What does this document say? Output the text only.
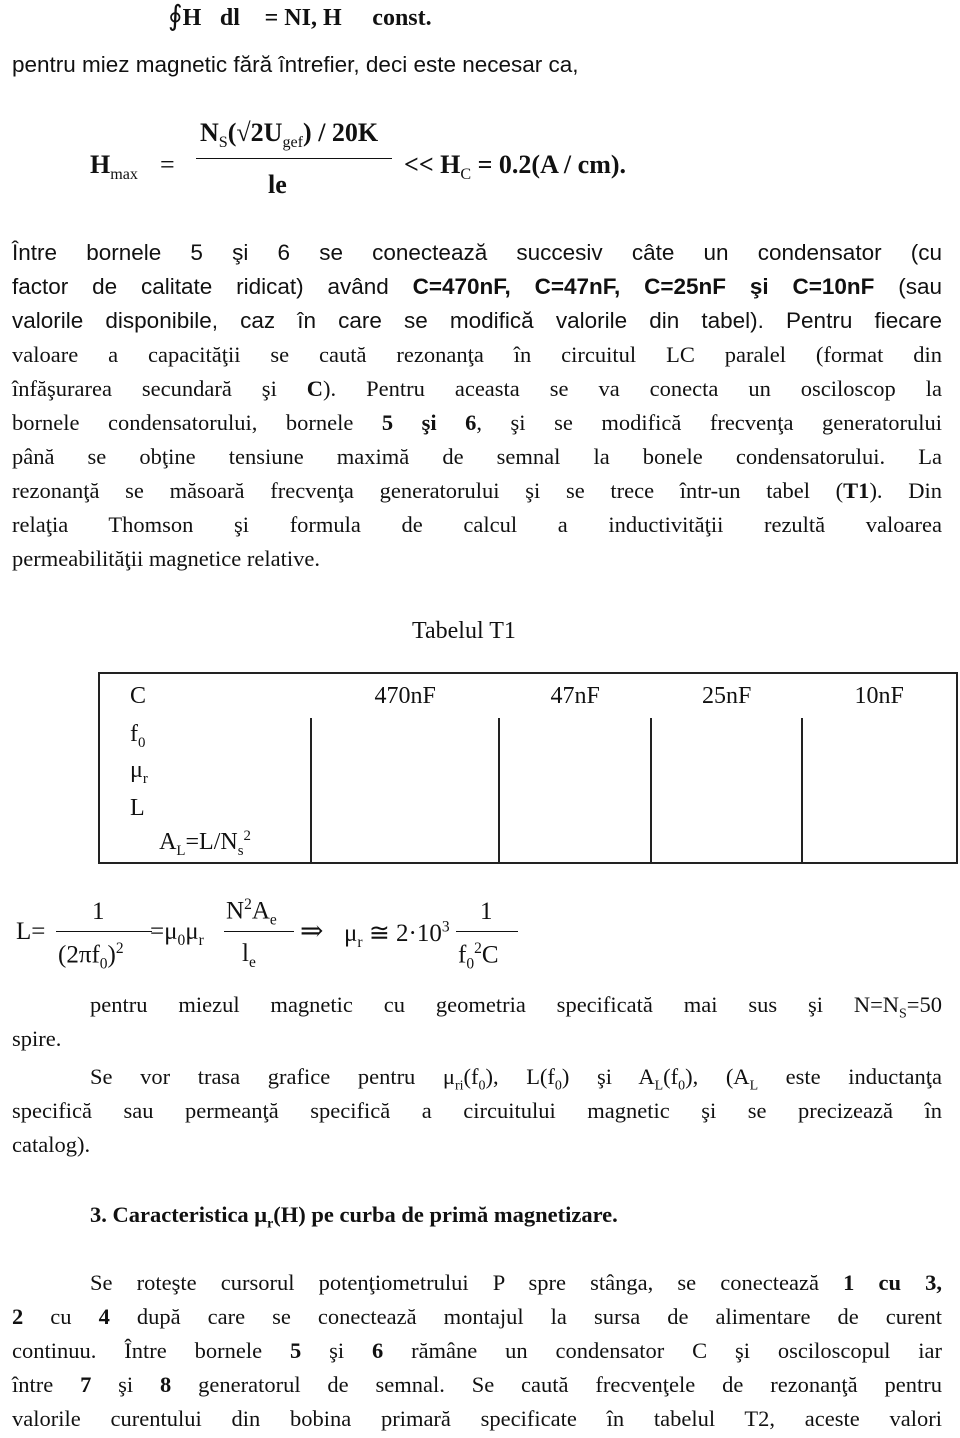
∮H⃗dl⃗ = NI, H ≅ const.
pentru miez magnetic fără întrefier, deci este necesar ca,
$H_{max}$ =
$N_S(√2U_{gef}) / 20K$
le
<< $H_C = 0.2(A / cm)$.
Între bornele 5 şi 6 se conectează succesiv câte un condensator (cu
factor de calitate ridicat) având C=470nF, C=47nF, C=25nF şi C=10nF (sau
valorile disponibile, caz în care se modifică valorile din tabel). Pentru fiecare
valoare a capacităţii se caută rezonanţa în circuitul LC paralel (format din
înfăşurarea secundară şi C). Pentru aceasta se va conecta un osciloscop la
bornele condensatorului, bornele 5 şi 6, şi se modifică frecvenţa generatorului
până se obţine tensiune maximă de semnal la bonele condensatorului. La
rezonanţă se măsoară frecvenţa generatorului şi se trece într-un tabel (T1). Din
relaţia Thomson şi formula de calcul a inductivităţii rezultă valoarea
permeabilităţii magnetice relative.
Tabelul T1
C	470nF	47nF	25nF	10nF
$f_0$				
$\mu_r$				
L				
$A_L=L/N_s^2$				
L=
1
$(2\pi f_0)^2$
$=\mu_0\mu_r$
$N^2A_e$
$l_e$
⇒ $\mu_r$ ≅ $2\cdot 10^3$
1
$f_0^2C$
pentru miezul magnetic cu geometria specificată mai sus şi $N=N_S=50$
spire.
Se vor trasa grafice pentru $\mu_{ri}(f_0)$, $L(f_0)$ şi $A_L(f_0)$, ($A_L$ este inductanţa
specifică sau permeanţă specifică a circuitului magnetic şi se precizează în
catalog).
3. Caracteristica $\mu_r(H)$ pe curba de primă magnetizare.
Se roteşte cursorul potenţiometrului P spre stânga, se conectează 1 cu 3,
2 cu 4 după care se conectează montajul la sursa de alimentare de curent
continuu. Între bornele 5 şi 6 rămâne un condensator C şi osciloscopul iar
între 7 şi 8 generatorul de semnal. Se caută frecvenţele de rezonanţă pentru
valorile curentului din bobina primară specificate în tabelul T2, aceste valori
